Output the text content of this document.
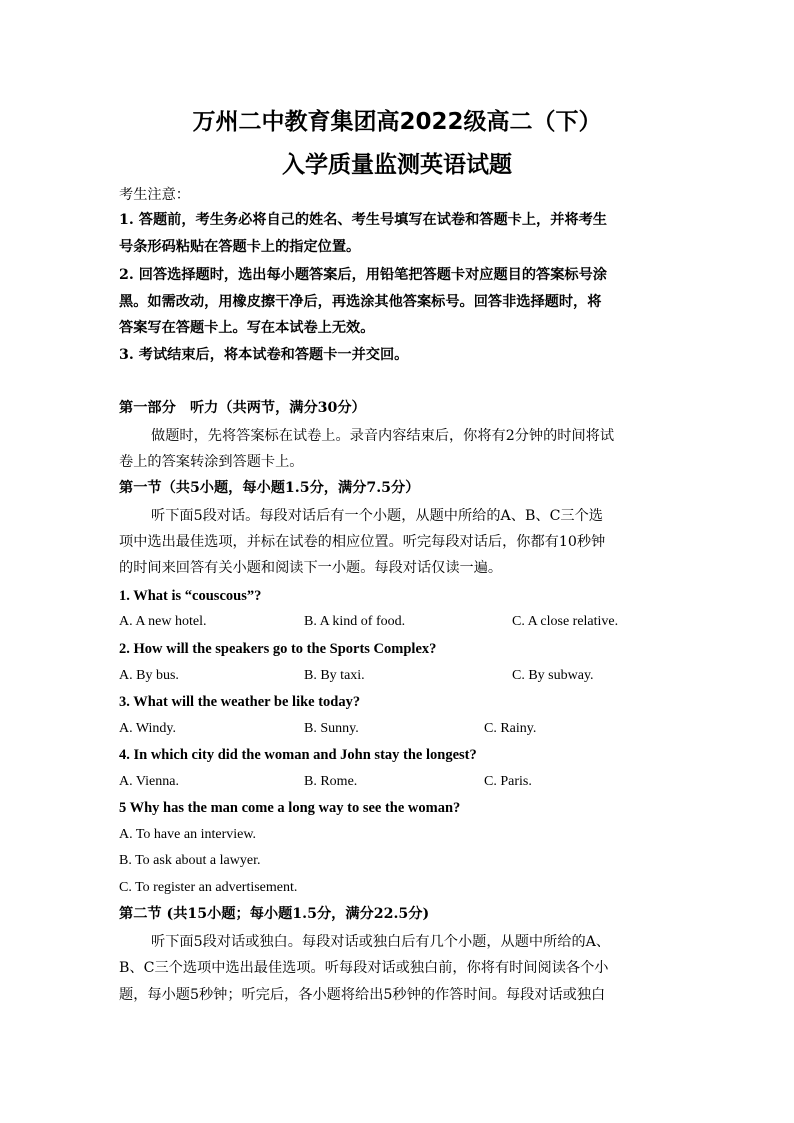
万州二中教育集团高2022级高二（下）
入学质量监测英语试题
考生注意：
1. 答题前，考生务必将自己的姓名、考生号填写在试卷和答题卡上，并将考生
号条形码粘贴在答题卡上的指定位置。
2. 回答选择题时，选出每小题答案后，用铅笔把答题卡对应题目的答案标号涂
黑。如需改动，用橡皮擦干净后，再选涂其他答案标号。回答非选择题时，将
答案写在答题卡上。写在本试卷上无效。
3. 考试结束后，将本试卷和答题卡一并交回。
第一部分　听力（共两节，满分30分）
做题时，先将答案标在试卷上。录音内容结束后，你将有2分钟的时间将试
卷上的答案转涂到答题卡上。
第一节（共5小题，每小题1.5分，满分7.5分）
听下面5段对话。每段对话后有一个小题，从题中所给的A、B、C三个选
项中选出最佳选项，并标在试卷的相应位置。听完每段对话后，你都有10秒钟
的时间来回答有关小题和阅读下一小题。每段对话仅读一遍。
1. What is “couscous”?
A. A new hotel.	B. A kind of food.	C. A close relative.
2. How will the speakers go to the Sports Complex?
A. By bus.	B. By taxi.	C. By subway.
3. What will the weather be like today?
A. Windy.	B. Sunny.	C. Rainy.
4. In which city did the woman and John stay the longest?
A. Vienna.	B. Rome.	C. Paris.
5 Why has the man come a long way to see the woman?
A. To have an interview.
B. To ask about a lawyer.
C. To register an advertisement.
第二节 (共15小题；每小题1.5分，满分22.5分)
听下面5段对话或独白。每段对话或独白后有几个小题，从题中所给的A、
B、C三个选项中选出最佳选项。听每段对话或独白前，你将有时间阅读各个小
题，每小题5秒钟；听完后，各小题将给出5秒钟的作答时间。每段对话或独白
